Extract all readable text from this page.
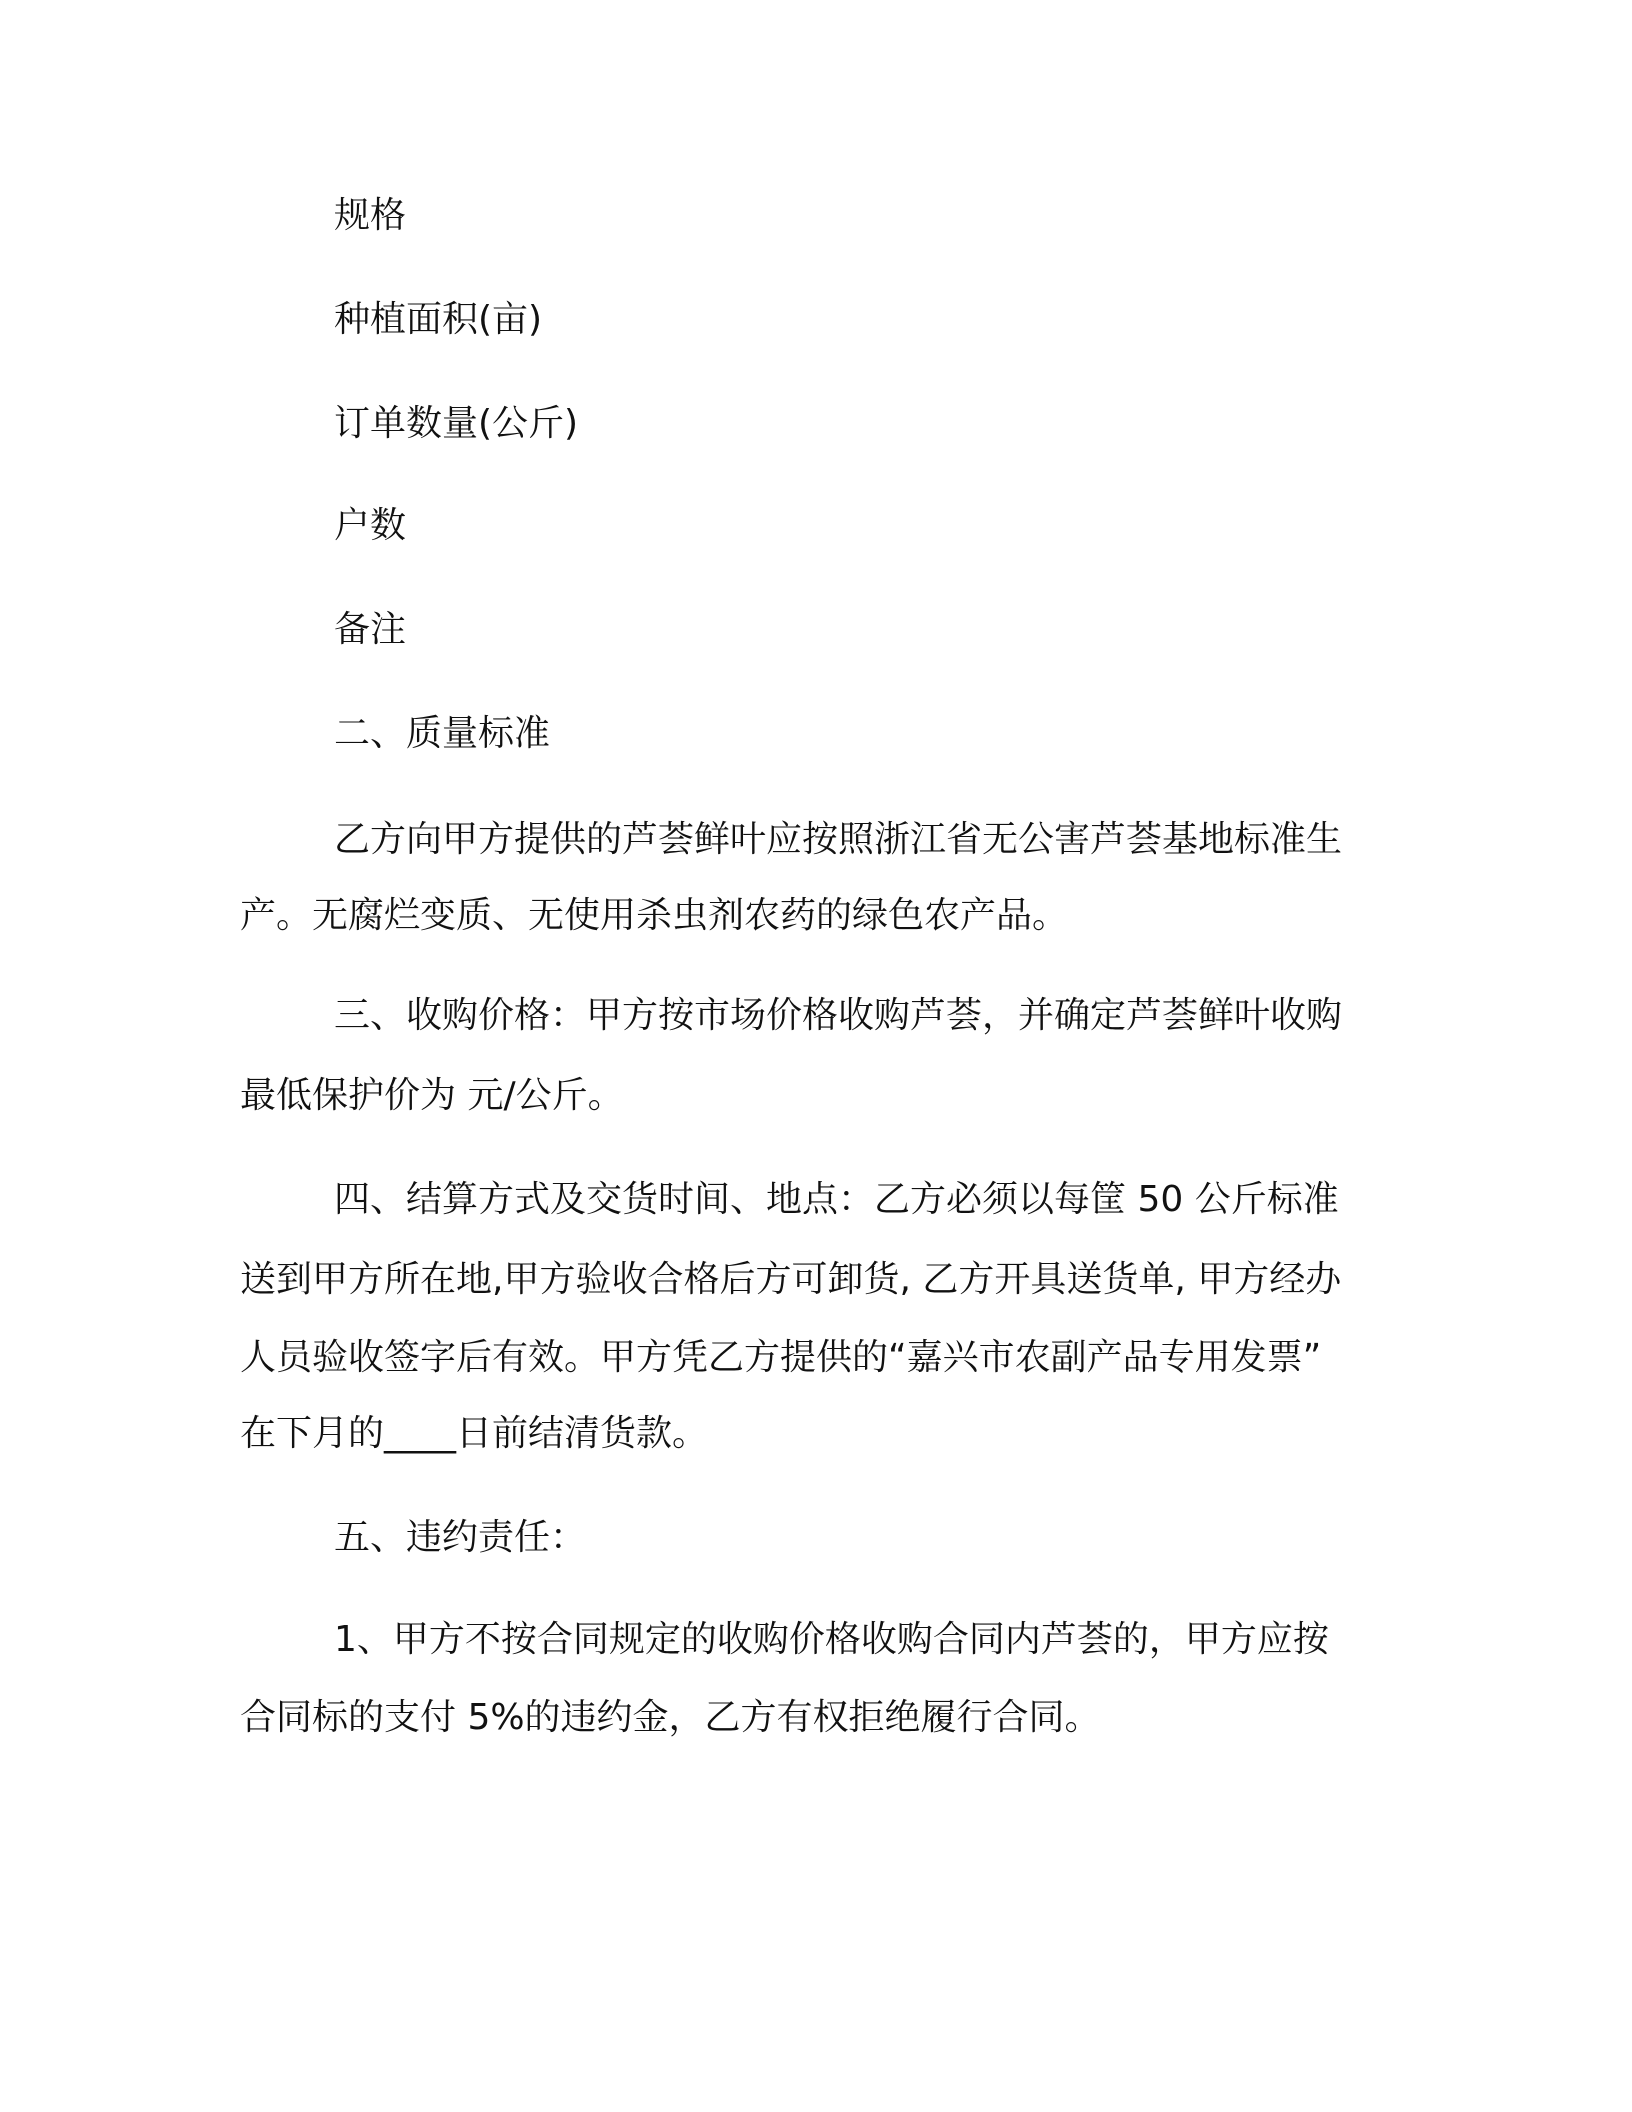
规格
种植面积(亩)
订单数量(公斤)
户数
备注
二、质量标准
乙方向甲方提供的芦荟鲜叶应按照浙江省无公害芦荟基地标准生
产。无腐烂变质、无使用杀虫剂农药的绿色农产品。
三、收购价格：甲方按市场价格收购芦荟，并确定芦荟鲜叶收购
最低保护价为 元/公斤。
四、结算方式及交货时间、地点：乙方必须以每筐 50 公斤标准
送到甲方所在地,甲方验收合格后方可卸货, 乙方开具送货单, 甲方经办
人员验收签字后有效。甲方凭乙方提供的“嘉兴市农副产品专用发票”
在下月的____日前结清货款。
五、违约责任：
1、甲方不按合同规定的收购价格收购合同内芦荟的，甲方应按
合同标的支付 5%的违约金，乙方有权拒绝履行合同。
